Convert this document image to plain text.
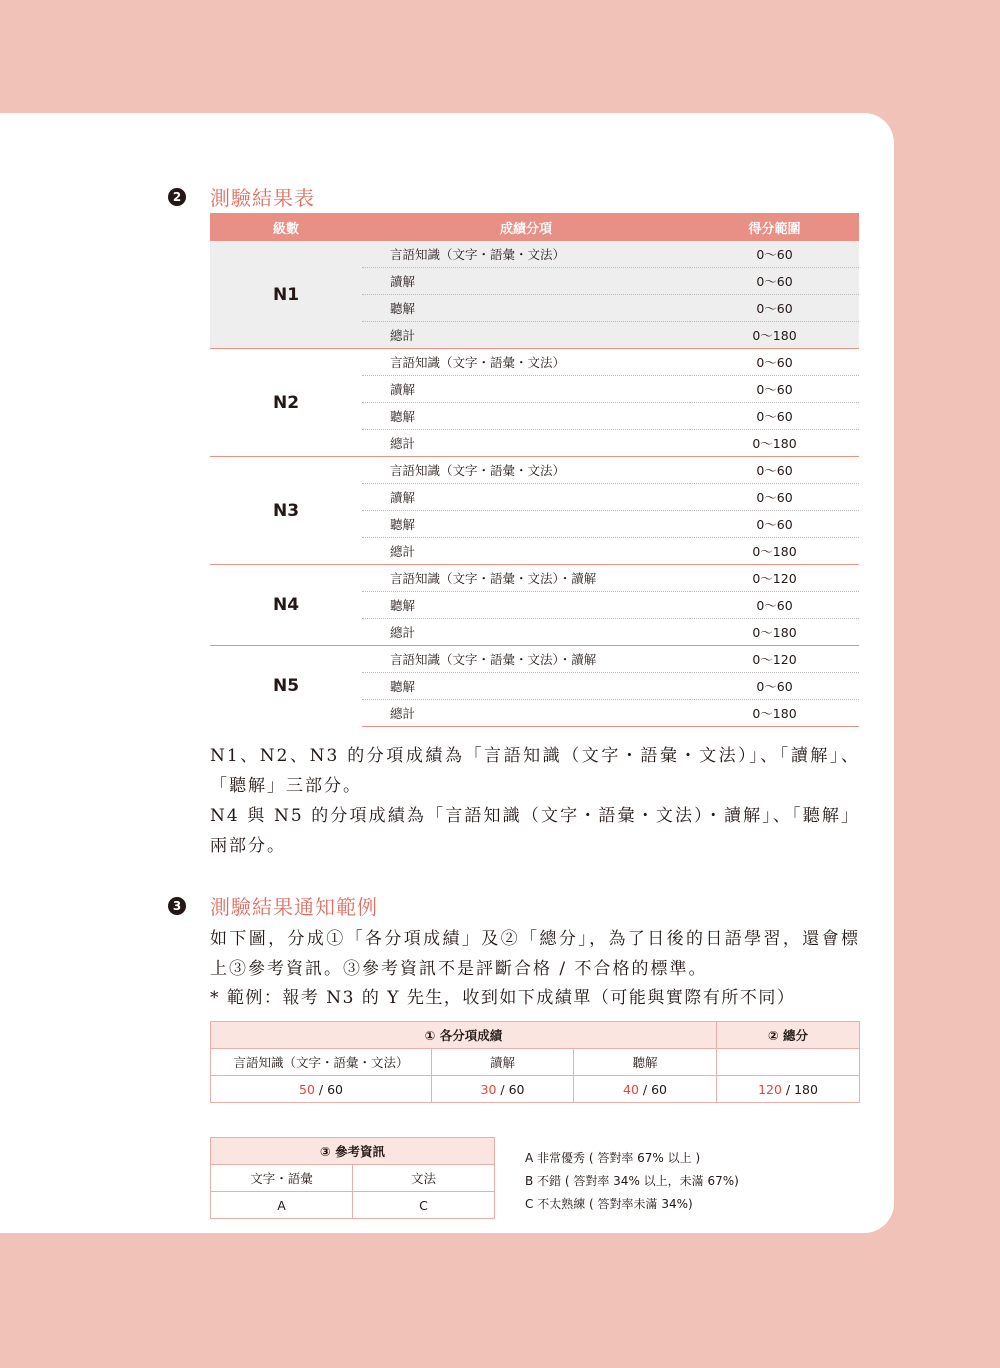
2 測驗結果表
級數	成績分項	得分範圍
N1	言語知識（文字・語彙・文法）	0～60
	讀解	0～60
	聽解	0～60
	總計	0～180
N2	言語知識（文字・語彙・文法）	0～60
	讀解	0～60
	聽解	0～60
	總計	0～180
N3	言語知識（文字・語彙・文法）	0～60
	讀解	0～60
	聽解	0～60
	總計	0～180
N4	言語知識（文字・語彙・文法）・讀解	0～120
	聽解	0～60
	總計	0～180
N5	言語知識（文字・語彙・文法）・讀解	0～120
	聽解	0～60
	總計	0～180
N1、N2、N3 的分項成績為「言語知識（文字・語彙・文法）」、「讀解」、「聽解」三部分。
N4 與 N5 的分項成績為「言語知識（文字・語彙・文法）・讀解」、「聽解」兩部分。
3 測驗結果通知範例
如下圖，分成①「各分項成績」及②「總分」，為了日後的日語學習，還會標上③參考資訊。③參考資訊不是評斷合格 / 不合格的標準。
* 範例：報考 N3 的 Y 先生，收到如下成績單（可能與實際有所不同）
① 各分項成績			② 總分
言語知識（文字・語彙・文法）	讀解	聽解	
50 / 60	30 / 60	40 / 60	120 / 180
③ 參考資訊	
文字・語彙	文法
A	C
A 非常優秀 ( 答對率 67% 以上 )
B 不錯 ( 答對率 34% 以上，未滿 67%)
C 不太熟練 ( 答對率未滿 34%)
